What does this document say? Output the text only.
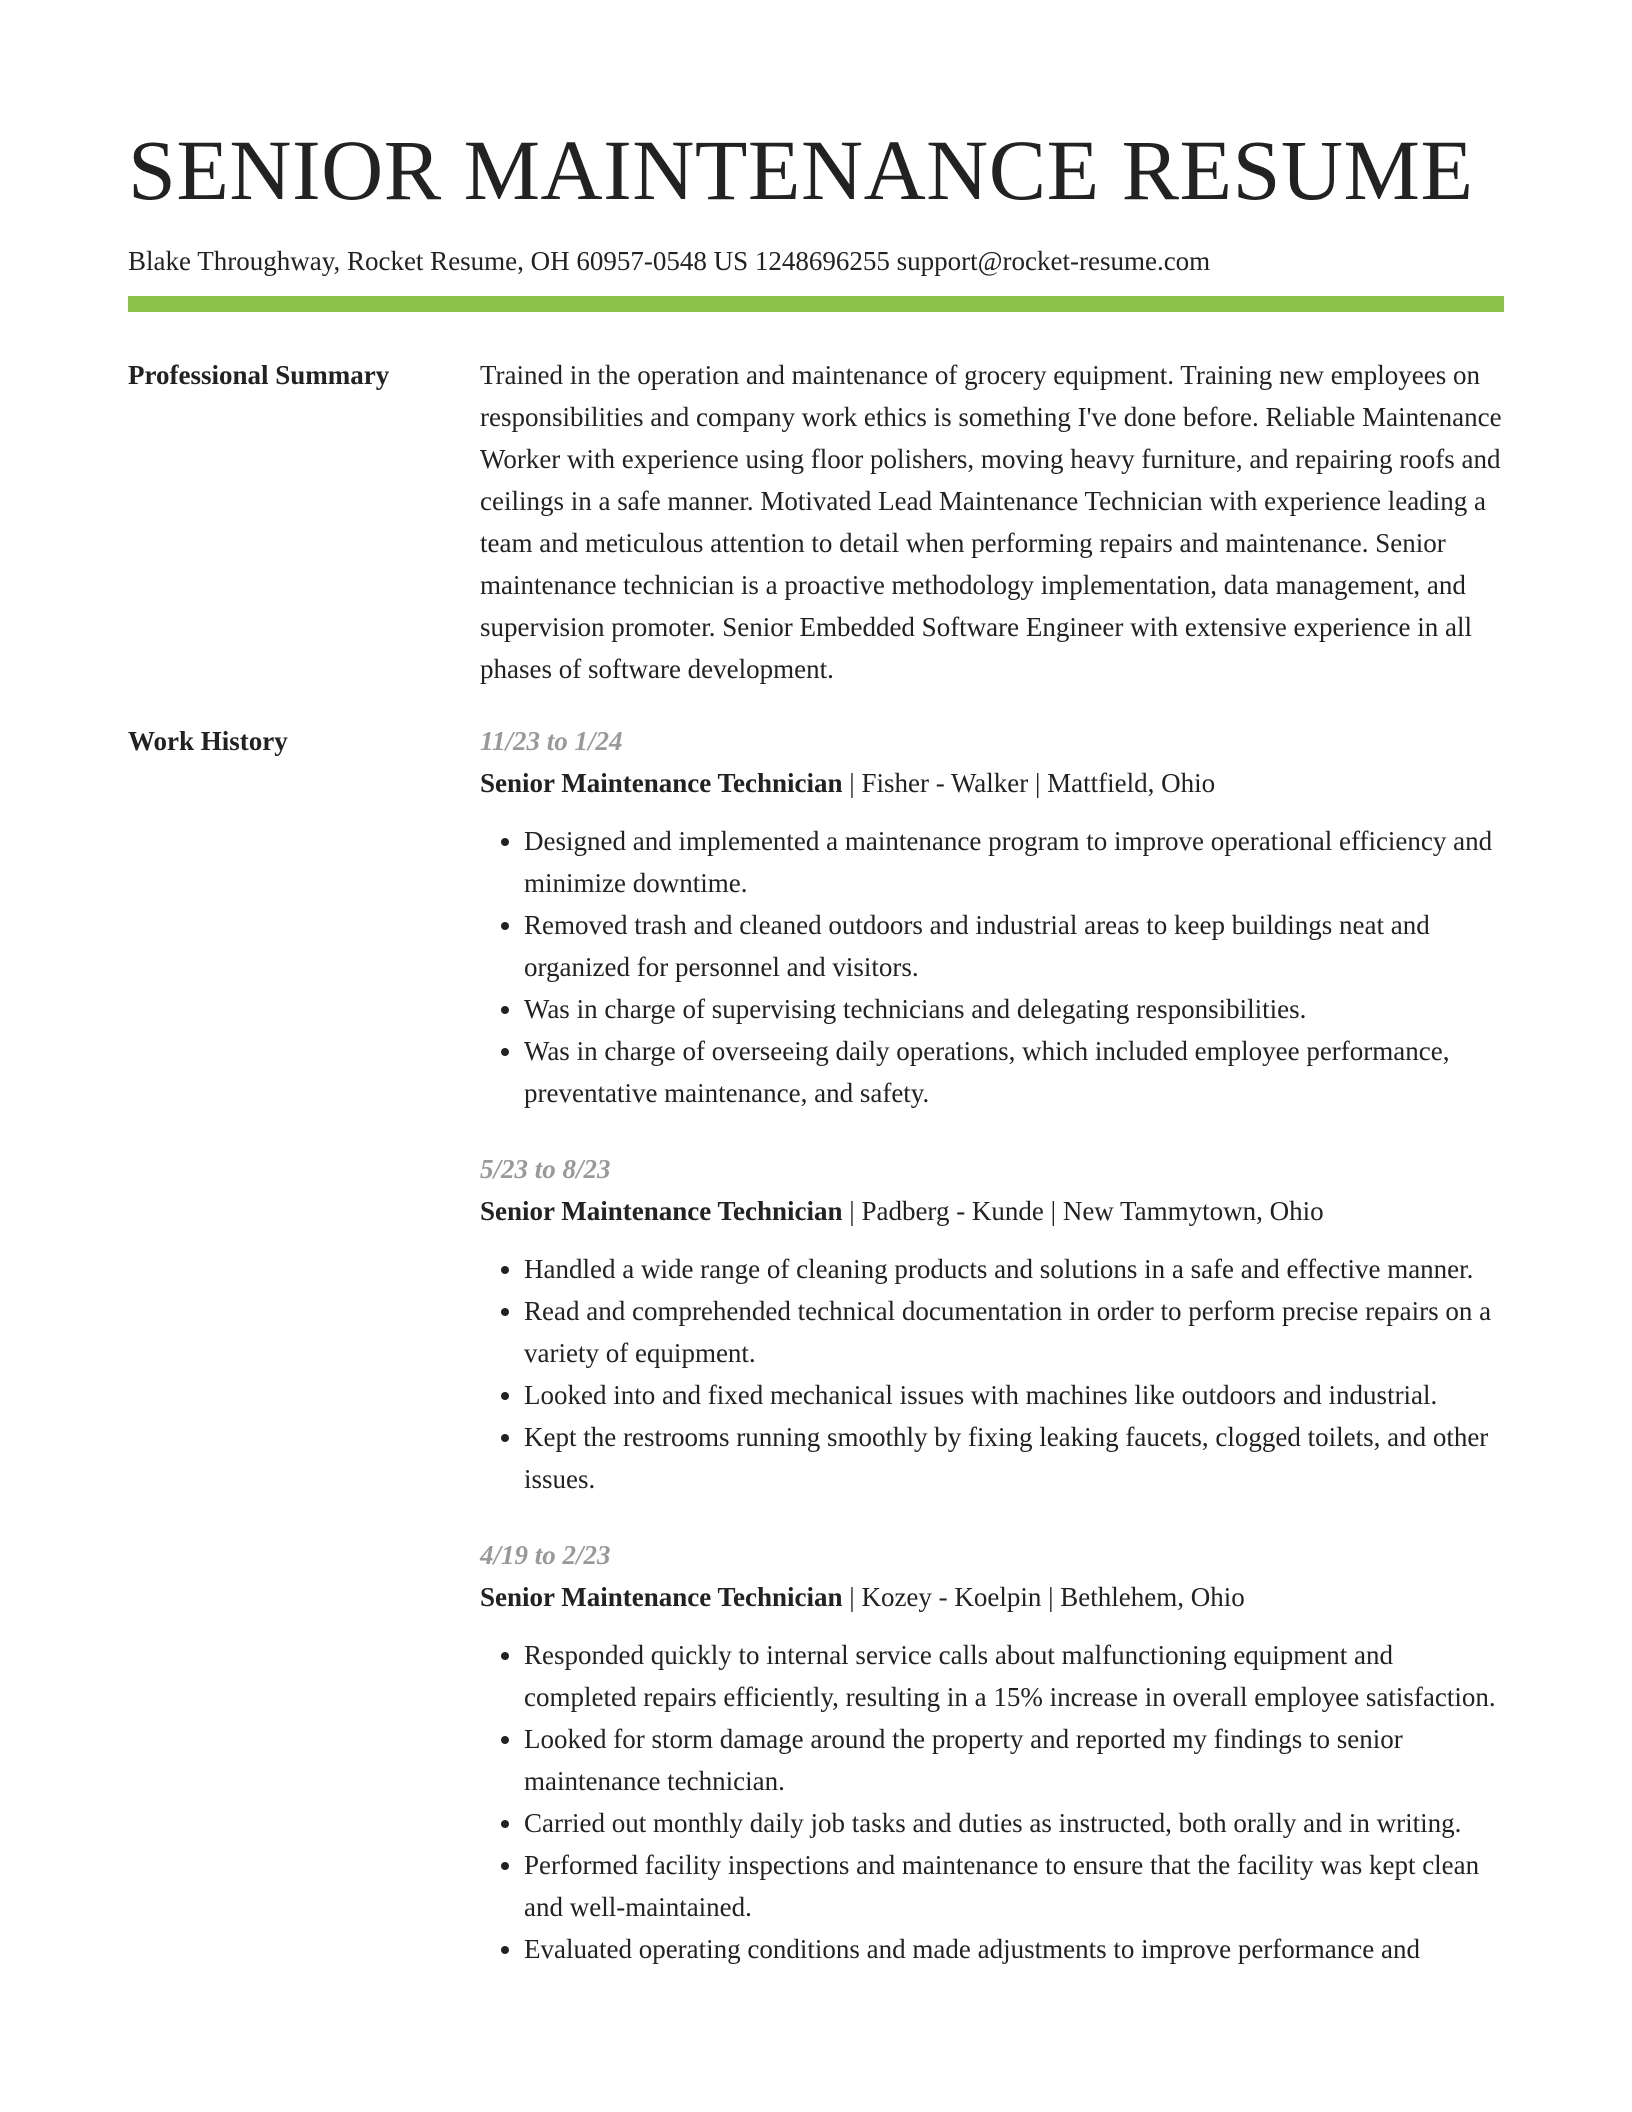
SENIOR MAINTENANCE RESUME
Blake Throughway, Rocket Resume, OH 60957-0548 US 1248696255 support@rocket-resume.com
Professional Summary	Trained in the operation and maintenance of grocery equipment. Training new employees on responsibilities and company work ethics is something I've done before. Reliable Maintenance Worker with experience using floor polishers, moving heavy furniture, and repairing roofs and ceilings in a safe manner. Motivated Lead Maintenance Technician with experience leading a team and meticulous attention to detail when performing repairs and maintenance. Senior maintenance technician is a proactive methodology implementation, data management, and supervision promoter. Senior Embedded Software Engineer with extensive experience in all phases of software development.

Work History	11/23 to 1/24
Senior Maintenance Technician | Fisher - Walker | Mattfield, Ohio
• Designed and implemented a maintenance program to improve operational efficiency and minimize downtime.
• Removed trash and cleaned outdoors and industrial areas to keep buildings neat and organized for personnel and visitors.
• Was in charge of supervising technicians and delegating responsibilities.
• Was in charge of overseeing daily operations, which included employee performance, preventative maintenance, and safety.
5/23 to 8/23
Senior Maintenance Technician | Padberg - Kunde | New Tammytown, Ohio
• Handled a wide range of cleaning products and solutions in a safe and effective manner.
• Read and comprehended technical documentation in order to perform precise repairs on a variety of equipment.
• Looked into and fixed mechanical issues with machines like outdoors and industrial.
• Kept the restrooms running smoothly by fixing leaking faucets, clogged toilets, and other issues.
4/19 to 2/23
Senior Maintenance Technician | Kozey - Koelpin | Bethlehem, Ohio
• Responded quickly to internal service calls about malfunctioning equipment and completed repairs efficiently, resulting in a 15% increase in overall employee satisfaction.
• Looked for storm damage around the property and reported my findings to senior maintenance technician.
• Carried out monthly daily job tasks and duties as instructed, both orally and in writing.
• Performed facility inspections and maintenance to ensure that the facility was kept clean and well-maintained.
• Evaluated operating conditions and made adjustments to improve performance and
